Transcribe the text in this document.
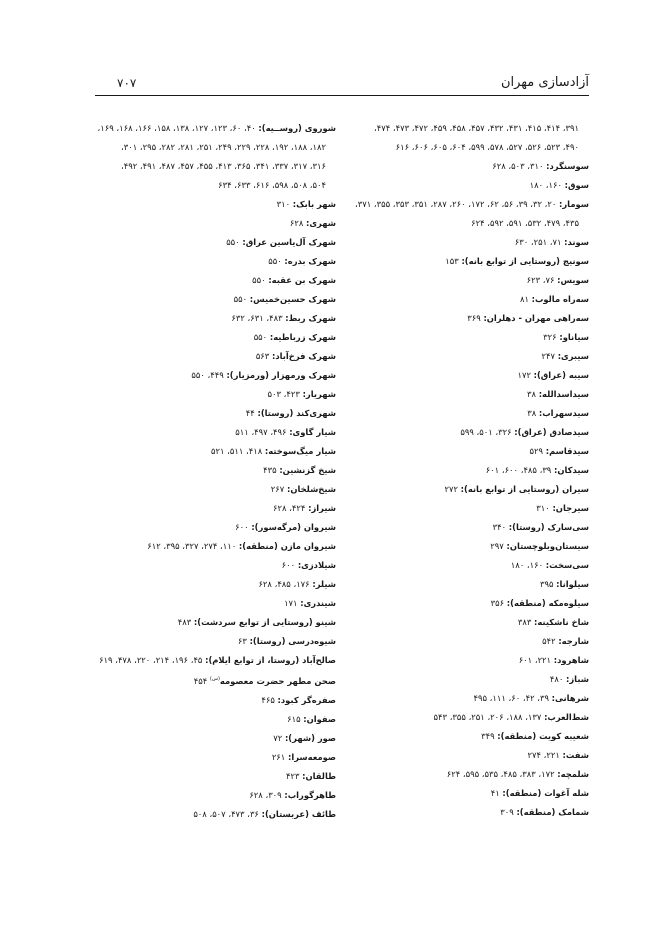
۷۰۷	آزادسازی مهران
۳۹۱، ۴۱۴، ۴۱۵، ۴۳۱، ۴۳۲، ۴۵۷، ۴۵۸، ۴۵۹، ۴۷۲، ۴۷۳، ۴۷۴،
۴۹۰، ۵۲۳، ۵۲۶، ۵۲۷، ۵۷۸، ۵۹۹، ۶۰۴، ۶۰۵، ۶۰۶، ۶۱۶
سوسنگرد: ۳۱۰، ۵۰۳، ۶۲۸
سوق: ۱۶۰، ۱۸۰
سومار: ۲۰، ۳۲، ۳۹، ۵۶، ۶۲، ۱۷۲، ۲۶۰، ۲۸۷، ۳۵۱، ۳۵۳، ۳۵۵، ۳۷۱،
۴۳۵، ۴۷۹، ۵۳۲، ۵۹۱، ۵۹۲، ۶۲۴
سوند: ۷۱، ۲۵۱، ۶۳۰
سونیج (روستایی از توابع بانه): ۱۵۳
سویس: ۷۶، ۶۲۳
سه‌راه مالوب: ۸۱
سه‌راهی مهران - دهلران: ۳۶۹
سیاناو: ۳۲۶
سیبری: ۲۴۷
سیبه (عراق): ۱۷۲
سیداسدالله: ۳۸
سیدسهراب: ۳۸
سیدصادق (عراق): ۳۲۶، ۵۰۱، ۵۹۹
سیدقاسم: ۵۲۹
سیدکان: ۳۹، ۴۸۵، ۶۰۰، ۶۰۱
سیران (روستایی از توابع بانه): ۲۷۲
سیرجان: ۳۱۰
سی‌سارک (روستا): ۳۴۰
سیستان‌وبلوچستان: ۲۹۷
سی‌سخت: ۱۶۰، ۱۸۰
سیلوانا: ۳۹۵
سیلوه‌مکه (منطقه): ۳۵۶
شاخ ناشکینه: ۳۸۳
شارجه: ۵۴۲
شاهرود: ۲۲۱، ۶۰۱
شباز: ۴۸۰
شرهانی: ۳۹، ۴۲، ۶۰، ۱۱۱، ۴۹۵
شط‌العرب: ۱۳۷، ۱۸۸، ۲۰۶، ۲۵۱، ۳۵۵، ۵۴۳
شعیبه کویت (منطقه): ۳۴۹
شفت: ۲۲۱، ۲۷۴
شلمچه: ۱۷۲، ۳۸۳، ۴۸۵، ۵۳۵، ۵۹۵، ۶۲۴
شله آغوات (منطقه): ۴۱
شمامک (منطقه): ۳۰۹
شوروی (روســیه): ۴۰، ۶۰، ۱۲۳، ۱۲۷، ۱۳۸، ۱۵۸، ۱۶۶، ۱۶۸، ۱۶۹،
۱۸۲، ۱۸۸، ۱۹۲، ۲۲۸، ۲۲۹، ۲۴۹، ۲۵۱، ۲۸۱، ۲۸۲، ۲۹۵، ۳۰۱،
۳۱۶، ۳۱۷، ۳۳۷، ۳۴۱، ۳۶۵، ۴۱۳، ۴۵۵، ۴۵۷، ۴۸۷، ۴۹۱، ۴۹۲،
۵۰۴، ۵۰۸، ۵۹۸، ۶۱۶، ۶۳۳، ۶۳۴
شهر بابک: ۳۱۰
شهری: ۶۲۸
شهرک آل‌یاسین عراق: ۵۵۰
شهرک بدره: ۵۵۰
شهرک بن عقبه: ۵۵۰
شهرک حسین‌خمیس: ۵۵۰
شهرک ربط: ۴۸۳، ۶۳۱، ۶۳۲
شهرک زرباطیه: ۵۵۰
شهرک فرخ‌آباد: ۵۶۳
شهرک ورمهزار (ورمزیار): ۴۴۹، ۵۵۰
شهریار: ۴۲۳، ۵۰۳
شهری‌کند (روستا): ۴۴
شیار گاوی: ۴۹۶، ۴۹۷، ۵۱۱
شیار میگ‌سوخته: ۴۱۸، ۵۱۱، ۵۲۱
شیخ گزنشین: ۴۳۵
شیخ‌شلخان: ۲۶۷
شیراز: ۴۲۴، ۶۲۸
شیروان (مرگه‌سور): ۶۰۰
شیروان مازن (منطقه): ۱۱۰، ۲۷۴، ۳۲۷، ۳۹۵، ۶۱۲
شیلادزی: ۶۰۰
شیلر: ۱۷۶، ۴۸۵، ۶۲۸
شیندری: ۱۷۱
شینو (روستایی از توابع سردشت): ۴۸۳
شیوه‌درسی (روستا): ۶۳
صالح‌آباد (روستا، از توابع ایلام): ۴۵، ۱۹۶، ۲۱۴، ۲۲۰، ۴۷۸، ۶۱۹
صحن مطهر حضرت معصومه$^{(س)}$ ۴۵۴
صفره‌گر کبود: ۴۶۵
صفوان: ۶۱۵
صور (شهر): ۷۲
صومعه‌سرا: ۲۶۱
طالقان: ۴۲۳
طاهرگوراب: ۳۰۹، ۶۲۸
طائف (عربستان): ۳۶، ۴۷۳، ۵۰۷، ۵۰۸
